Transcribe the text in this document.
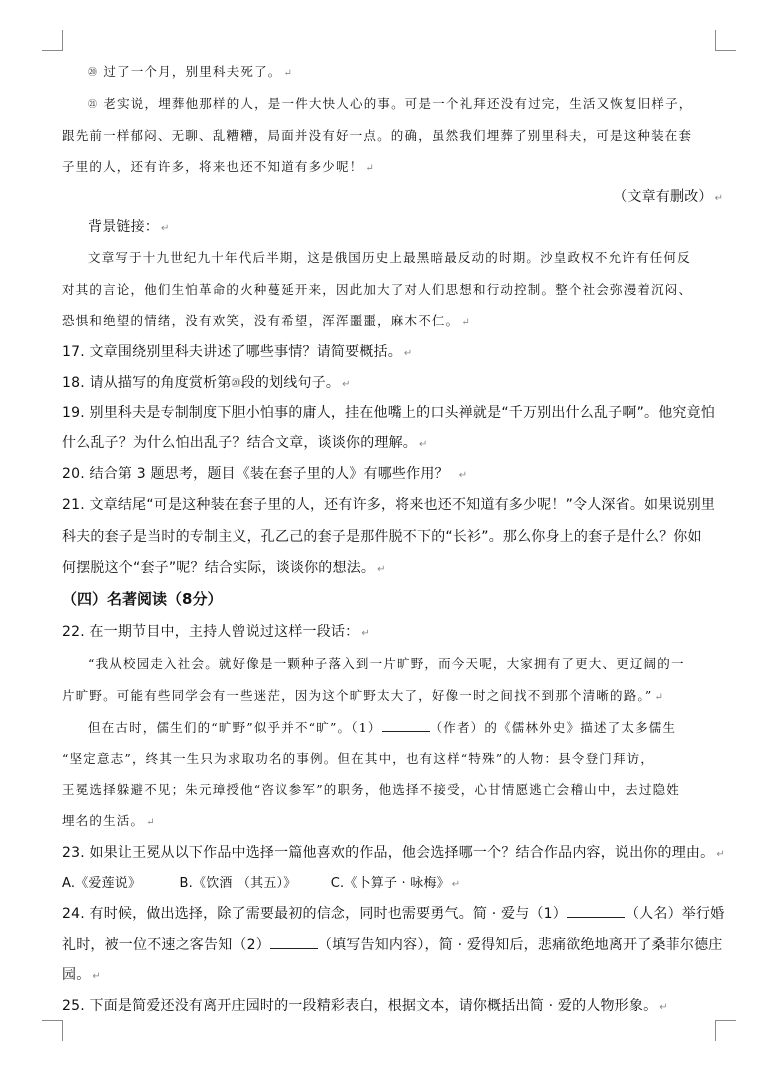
⑳ 过了一个月，别里科夫死了。 ↵
㉑ 老实说，埋葬他那样的人，是一件大快人心的事。可是一个礼拜还没有过完，生活又恢复旧样子，
跟先前一样郁闷、无聊、乱糟糟，局面并没有好一点。的确，虽然我们埋葬了别里科夫，可是这种装在套
子里的人，还有许多，将来也还不知道有多少呢！ ↵
（文章有删改） ↵
背景链接： ↵
文章写于十九世纪九十年代后半期，这是俄国历史上最黑暗最反动的时期。沙皇政权不允许有任何反
对其的言论，他们生怕革命的火种蔓延开来，因此加大了对人们思想和行动控制。整个社会弥漫着沉闷、
恐惧和绝望的情绪，没有欢笑，没有希望，浑浑噩噩，麻木不仁。 ↵
17. 文章围绕别里科夫讲述了哪些事情？请简要概括。 ↵
18. 请从描写的角度赏析第⑳段的划线句子。 ↵
19. 别里科夫是专制制度下胆小怕事的庸人，挂在他嘴上的口头禅就是“千万别出什么乱子啊”。他究竟怕
什么乱子？为什么怕出乱子？结合文章，谈谈你的理解。 ↵
20. 结合第 3 题思考，题目《装在套子里的人》有哪些作用？ ↵
21. 文章结尾“可是这种装在套子里的人，还有许多，将来也还不知道有多少呢！”令人深省。如果说别里
科夫的套子是当时的专制主义，孔乙己的套子是那件脱不下的“长衫”。那么你身上的套子是什么？你如
何摆脱这个“套子”呢？结合实际，谈谈你的想法。 ↵
（四）名著阅读（8分）
22. 在一期节目中，主持人曾说过这样一段话： ↵
“我从校园走入社会。就好像是一颗种子落入到一片旷野，而今天呢，大家拥有了更大、更辽阔的一
片旷野。可能有些同学会有一些迷茫，因为这个旷野太大了，好像一时之间找不到那个清晰的路。” ↵
但在古时，儒生们的“旷野”似乎并不“旷”。（1）	（作者）的《儒林外史》描述了太多儒生
“坚定意志”，终其一生只为求取功名的事例。但在其中，也有这样“特殊”的人物：县令登门拜访，
王冕选择躲避不见；朱元璋授他“咨议参军”的职务，他选择不接受，心甘情愿逃亡会稽山中，去过隐姓
埋名的生活。 ↵
23. 如果让王冕从以下作品中选择一篇他喜欢的作品，他会选择哪一个？结合作品内容，说出你的理由。 ↵
A.《爱莲说》	B.《饮酒 （其五）》	C.《卜算子 · 咏梅》 ↵
24. 有时候，做出选择，除了需要最初的信念，同时也需要勇气。简 · 爱与（1）	（人名）举行婚
礼时，被一位不速之客告知（2）	（填写告知内容），简 · 爱得知后，悲痛欲绝地离开了桑菲尔德庄
园。 ↵
25. 下面是简爱还没有离开庄园时的一段精彩表白，根据文本，请你概括出简 · 爱的人物形象。 ↵
